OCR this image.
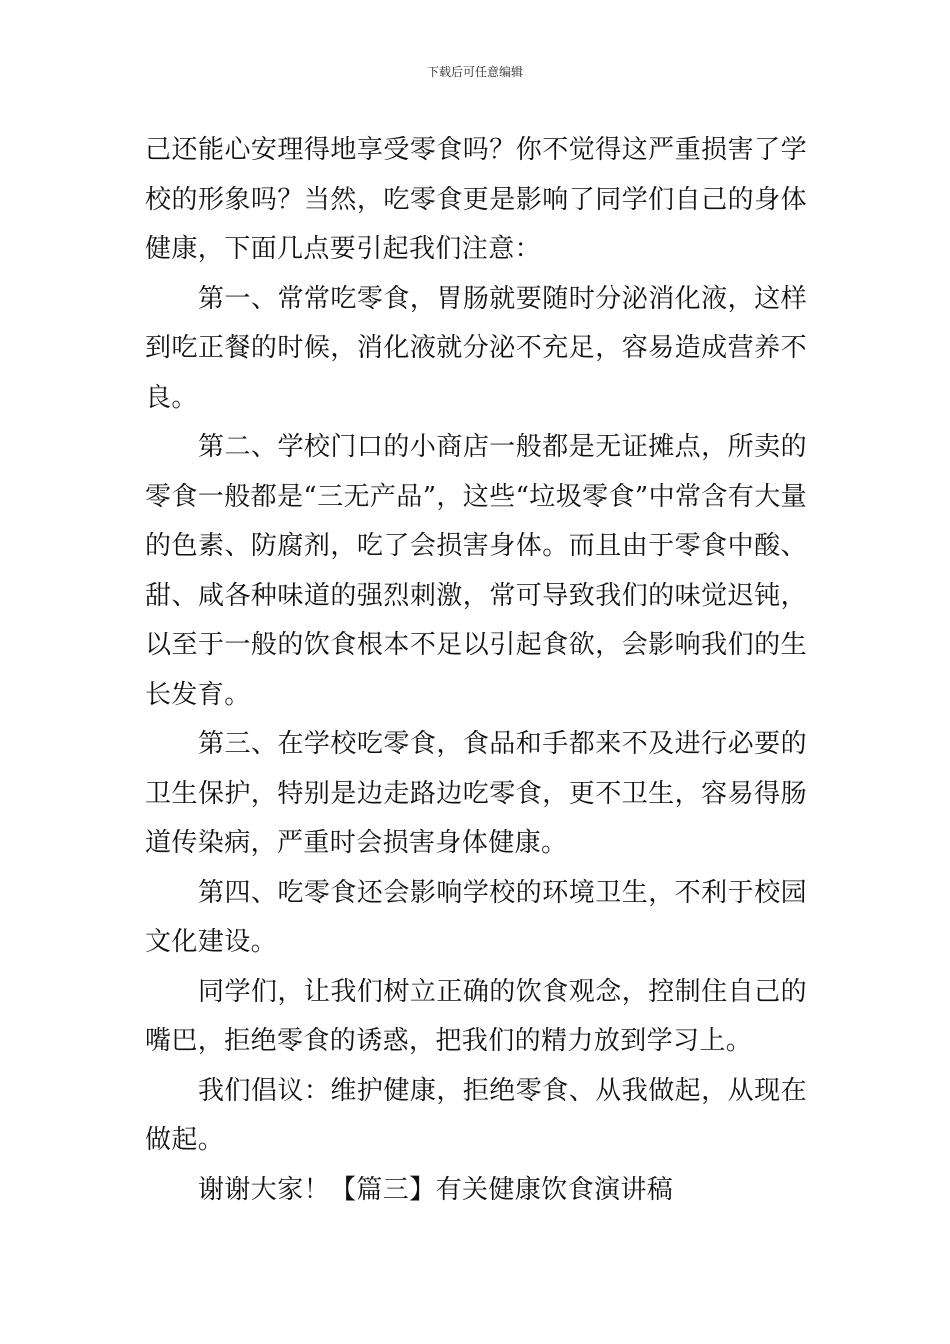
下载后可任意编辑

己还能心安理得地享受零食吗？你不觉得这严重损害了学校的形象吗？当然，吃零食更是影响了同学们自己的身体健康，下面几点要引起我们注意：

第一、常常吃零食，胃肠就要随时分泌消化液，这样到吃正餐的时候，消化液就分泌不充足，容易造成营养不良。

第二、学校门口的小商店一般都是无证摊点，所卖的零食一般都是“三无产品”，这些“垃圾零食”中常含有大量的色素、防腐剂，吃了会损害身体。而且由于零食中酸、甜、咸各种味道的强烈刺激，常可导致我们的味觉迟钝，以至于一般的饮食根本不足以引起食欲，会影响我们的生长发育。

第三、在学校吃零食，食品和手都来不及进行必要的卫生保护，特别是边走路边吃零食，更不卫生，容易得肠道传染病，严重时会损害身体健康。

第四、吃零食还会影响学校的环境卫生，不利于校园文化建设。

同学们，让我们树立正确的饮食观念，控制住自己的嘴巴，拒绝零食的诱惑，把我们的精力放到学习上。

我们倡议：维护健康，拒绝零食、从我做起，从现在做起。

谢谢大家！【篇三】有关健康饮食演讲稿
